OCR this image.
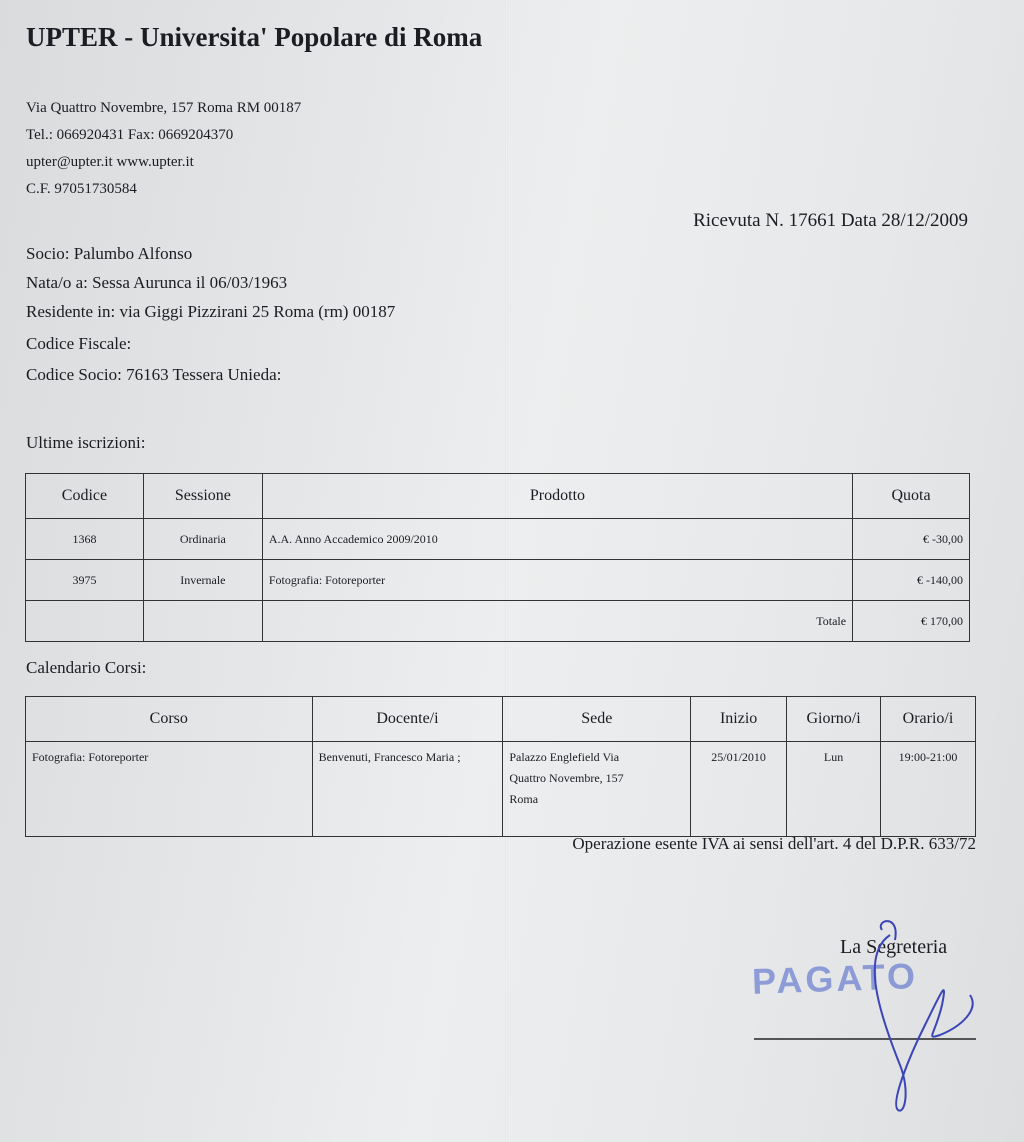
UPTER - Universita' Popolare di Roma
Via Quattro Novembre, 157 Roma RM 00187
Tel.: 066920431 Fax: 0669204370
upter@upter.it www.upter.it
C.F. 97051730584
Ricevuta N. 17661 Data 28/12/2009
Socio: Palumbo Alfonso
Nata/o a: Sessa Aurunca il 06/03/1963
Residente in: via Giggi Pizzirani 25 Roma (rm) 00187
Codice Fiscale:
Codice Socio: 76163 Tessera Unieda:
Ultime iscrizioni:
Codice	Sessione	Prodotto	Quota
1368	Ordinaria	A.A. Anno Accademico 2009/2010	€ -30,00
3975	Invernale	Fotografia: Fotoreporter	€ -140,00
		Totale	€ 170,00
Calendario Corsi:
Corso	Docente/i	Sede	Inizio	Giorno/i	Orario/i
Fotografia: Fotoreporter	Benvenuti, Francesco Maria ;	Palazzo Englefield Via
Quattro Novembre, 157
Roma	25/01/2010	Lun	19:00-21:00
Operazione esente IVA ai sensi dell'art. 4 del D.P.R. 633/72
La Segreteria
PAGATO
